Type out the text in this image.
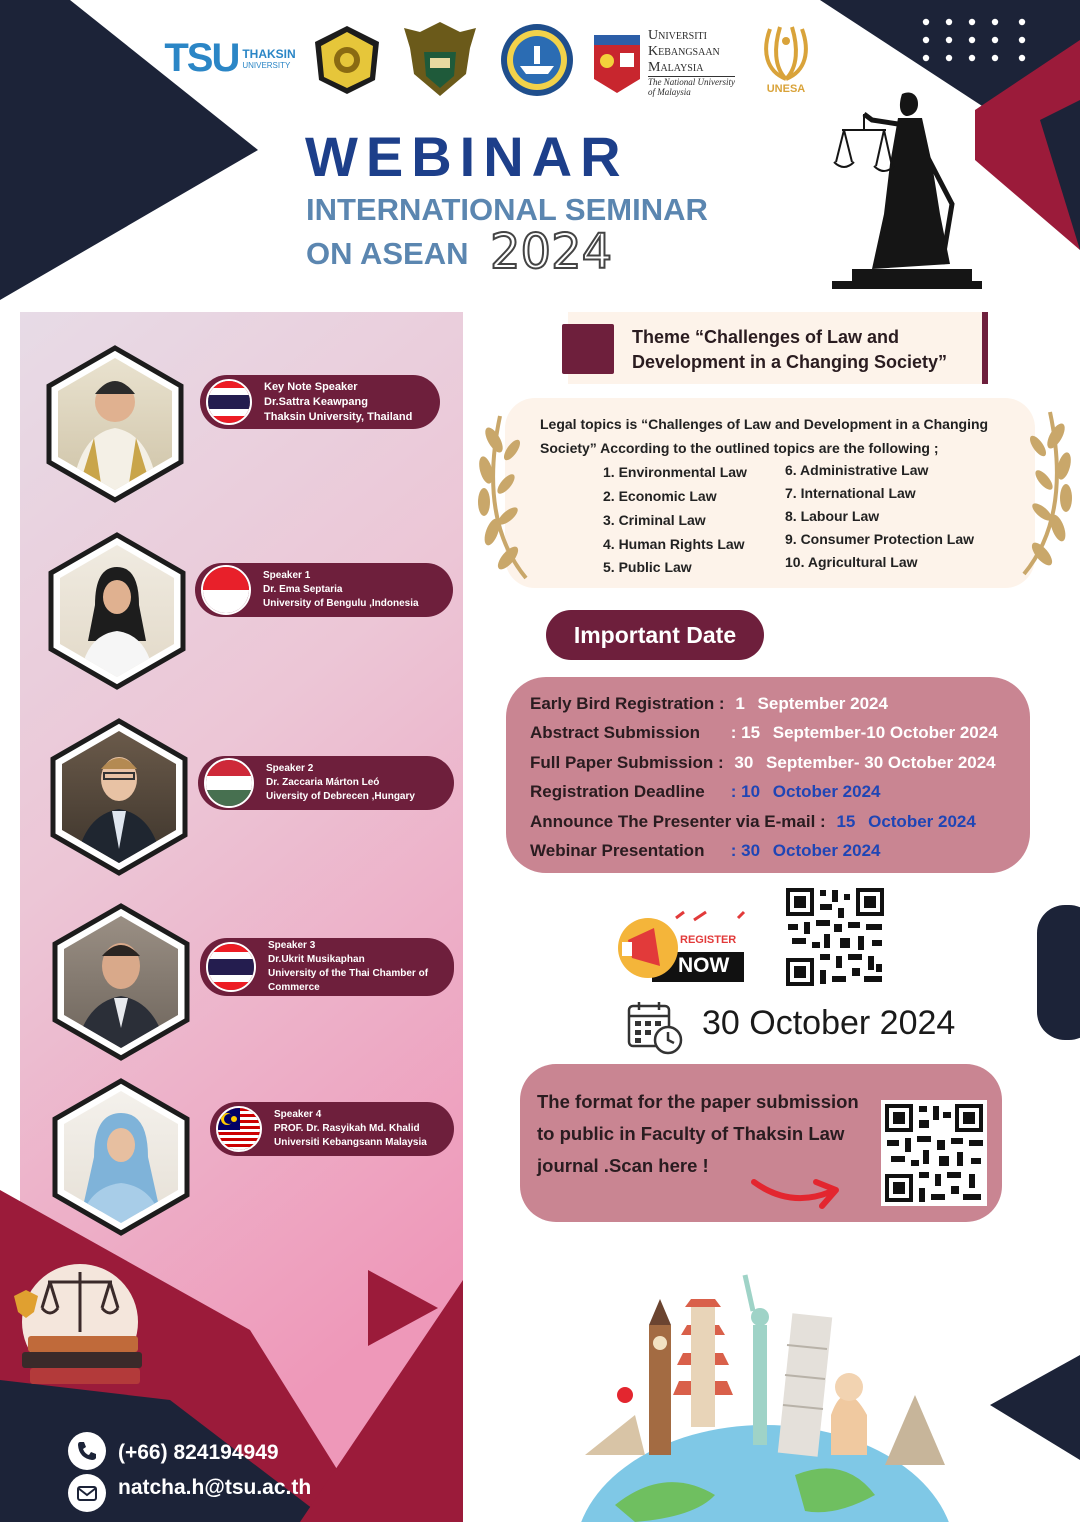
TSU THAKSIN
UNIVERSITY
Universiti
Kebangsaan
Malaysia
The National University
of Malaysia	UNESA
WEBINAR
INTERNATIONAL SEMINAR
ON ASEAN 2024
Key Note Speaker
Dr.Sattra Keawpang
Thaksin University, Thailand
Speaker 1
Dr. Ema Septaria
University of Bengulu ,Indonesia
Speaker 2
Dr. Zaccaria Márton Leó
Uiversity of Debrecen ,Hungary
Speaker 3
Dr.Ukrit Musikaphan
University of the Thai Chamber of
Commerce
Speaker 4
PROF. Dr. Rasyikah Md. Khalid
Universiti Kebangsann Malaysia
(+66) 824194949
natcha.h@tsu.ac.th
Theme “Challenges of Law and
Development in a Changing Society”
Legal topics is “Challenges of Law and Development in a Changing
Society” According to the outlined topics are the following ;
1. Environmental Law
2. Economic Law
3. Criminal Law
4. Human Rights Law
5. Public Law
6. Administrative Law
7. International Law
8. Labour Law
9. Consumer Protection Law
10. Agricultural Law
Important Date
Early Bird Registration : 1 September 2024
Abstract Submission : 15 September-10 October 2024
Full Paper Submission : 30 September- 30 October 2024
Registration Deadline : 10 October 2024
Announce The Presenter via E-mail : 15 October 2024
Webinar Presentation : 30 October 2024
REGISTER
NOW
30 October 2024
The format for the paper submission
to public in Faculty of Thaksin Law
journal .Scan here !
